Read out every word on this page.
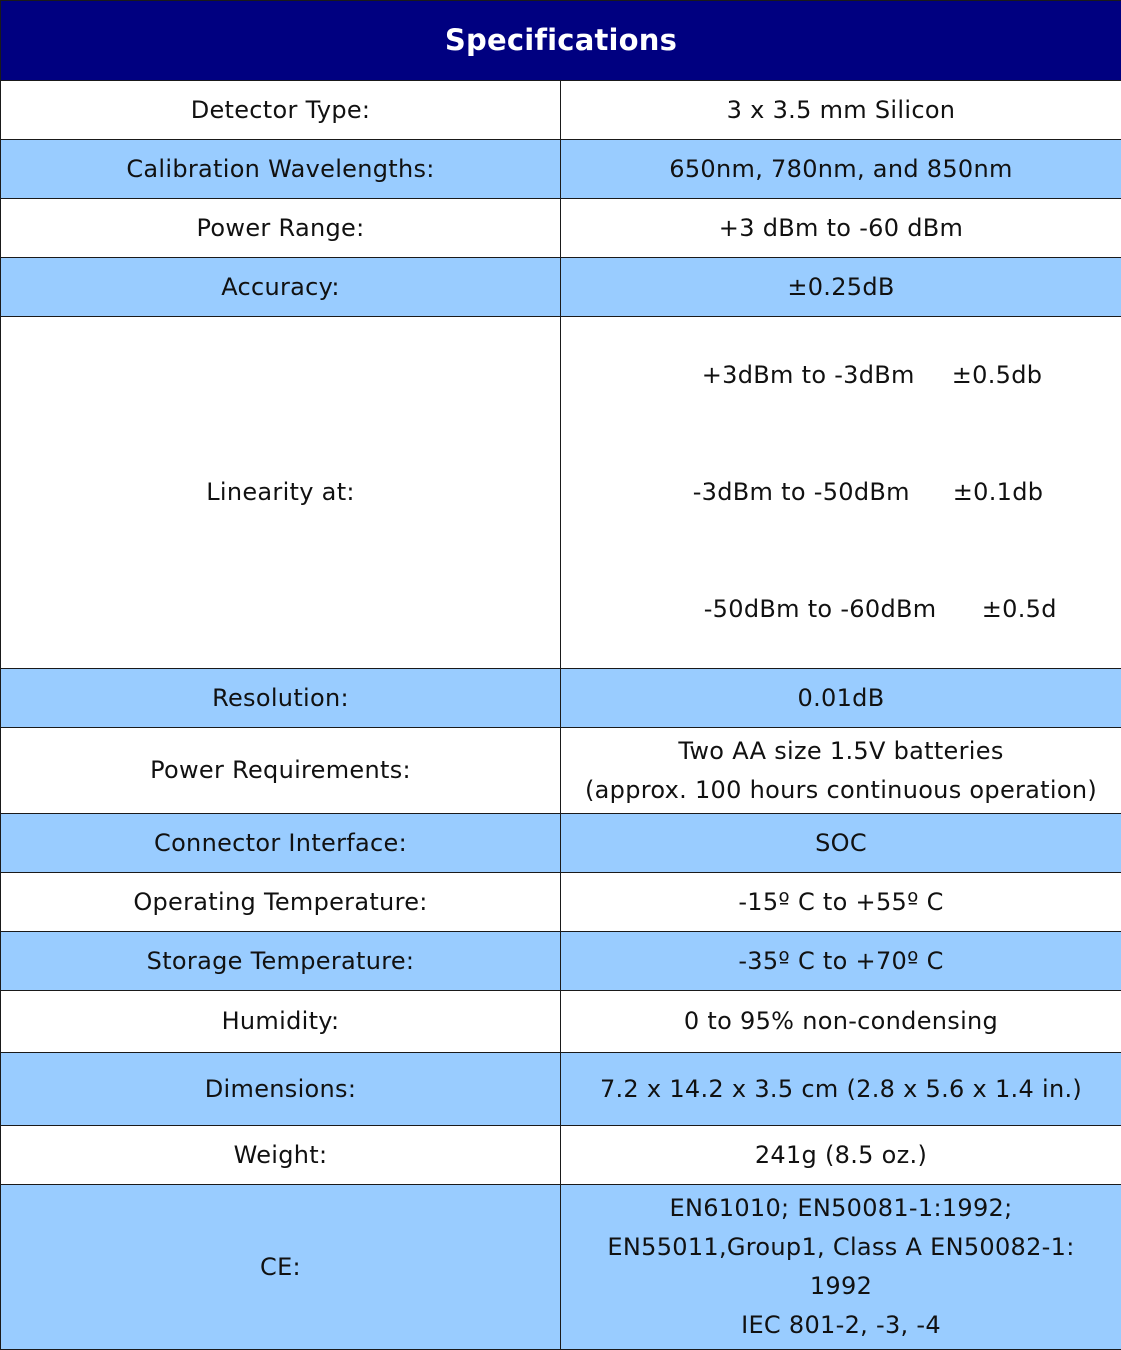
Specifications	
Detector Type:	3 x 3.5 mm Silicon
Calibration Wavelengths:	650nm, 780nm, and 850nm
Power Range:	+3 dBm to -60 dBm
Accuracy:	±0.25dB
Linearity at:	+3dBm to -3dBm ±0.5db

-3dBm to -50dBm ±0.1db

-50dBm to -60dBm ±0.5d

Resolution:	0.01dB
Power Requirements:	Two AA size 1.5V batteries
(approx. 100 hours continuous operation)

Connector Interface:	SOC
Operating Temperature:	-15º C to +55º C
Storage Temperature:	-35º C to +70º C
Humidity:	0 to 95% non-condensing
Dimensions:	7.2 x 14.2 x 3.5 cm (2.8 x 5.6 x 1.4 in.)
Weight:	241g (8.5 oz.)
CE:	EN61010; EN50081-1:1992;
EN55011,Group1, Class A EN50082-1:
1992
IEC 801-2, -3, -4
